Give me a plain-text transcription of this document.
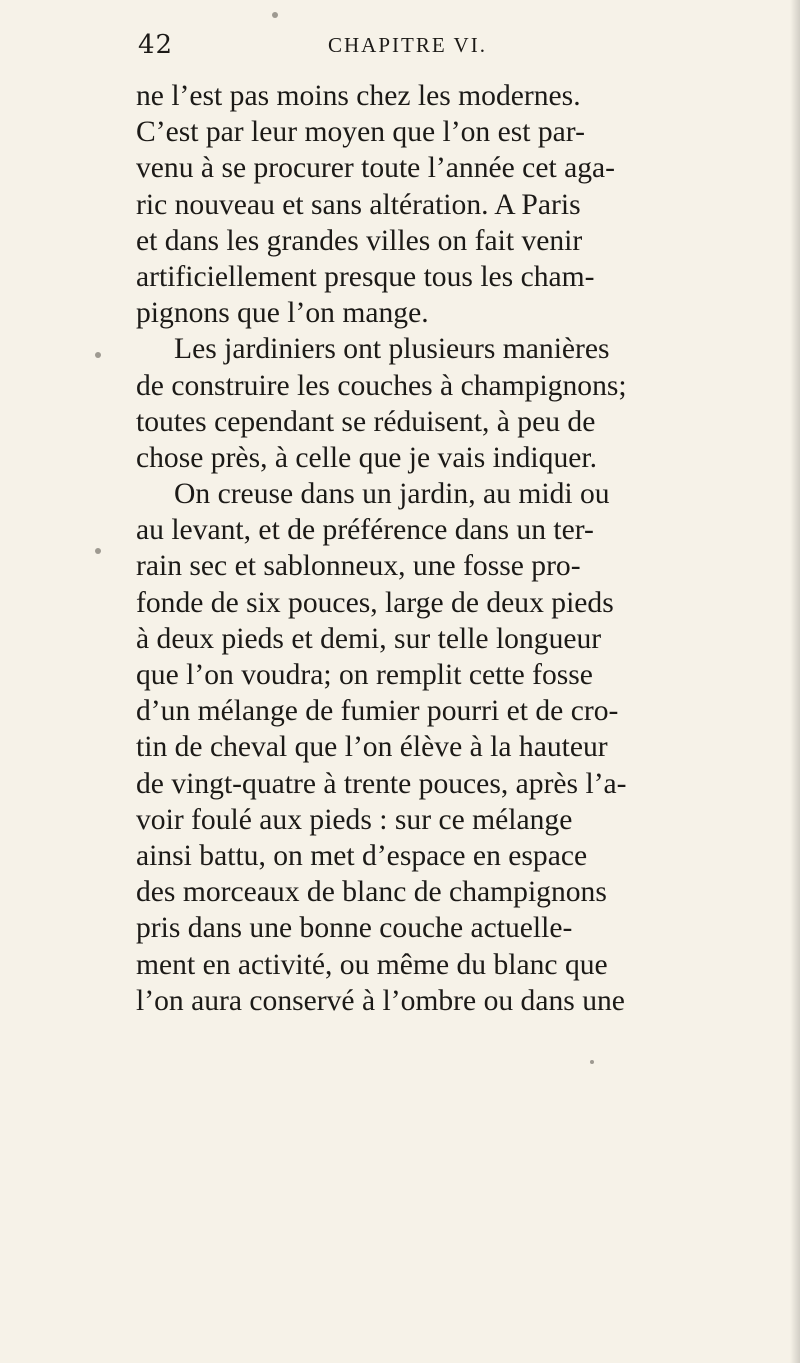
42	CHAPITRE VI.
ne l’est pas moins chez les modernes.
C’est par leur moyen que l’on est par-
venu à se procurer toute l’année cet aga-
ric nouveau et sans altération. A Paris
et dans les grandes villes on fait venir
artificiellement presque tous les cham-
pignons que l’on mange.
Les jardiniers ont plusieurs manières
de construire les couches à champignons;
toutes cependant se réduisent, à peu de
chose près, à celle que je vais indiquer.
On creuse dans un jardin, au midi ou
au levant, et de préférence dans un ter-
rain sec et sablonneux, une fosse pro-
fonde de six pouces, large de deux pieds
à deux pieds et demi, sur telle longueur
que l’on voudra; on remplit cette fosse
d’un mélange de fumier pourri et de cro-
tin de cheval que l’on élève à la hauteur
de vingt-quatre à trente pouces, après l’a-
voir foulé aux pieds : sur ce mélange
ainsi battu, on met d’espace en espace
des morceaux de blanc de champignons
pris dans une bonne couche actuelle-
ment en activité, ou même du blanc que
l’on aura conservé à l’ombre ou dans une
